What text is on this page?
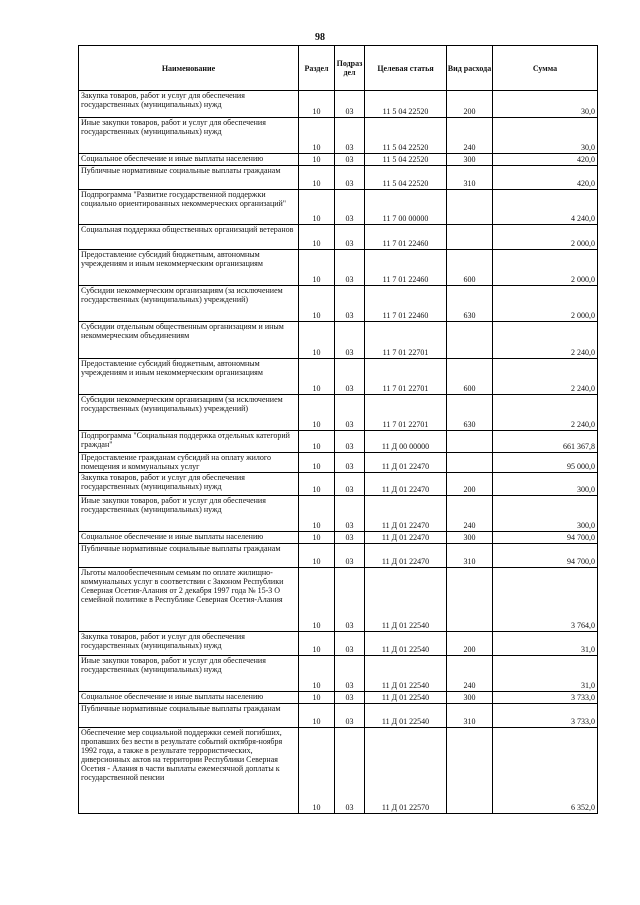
98
Наименование	Раздел	Подраз дел	Целевая статья	Вид расхода	Сумма
Закупка товаров, работ и услуг для обеспечения государственных (муниципальных) нужд	10	03	11 5 04 22520	200	30,0
Иные закупки товаров, работ и услуг для обеспечения государственных (муниципальных) нужд	10	03	11 5 04 22520	240	30,0
Социальное обеспечение и иные выплаты населению	10	03	11 5 04 22520	300	420,0
Публичные нормативные социальные выплаты гражданам	10	03	11 5 04 22520	310	420,0
Подпрограмма "Развитие государственной поддержки социально ориентированных некоммерческих организаций"	10	03	11 7 00 00000		4 240,0
Социальная поддержка общественных организаций ветеранов	10	03	11 7 01 22460		2 000,0
Предоставление субсидий бюджетным, автономным учреждениям и иным некоммерческим организациям	10	03	11 7 01 22460	600	2 000,0
Субсидии некоммерческим организациям (за исключением государственных (муниципальных) учреждений)	10	03	11 7 01 22460	630	2 000,0
Субсидии отдельным общественным организациям и иным некоммерческим объединениям	10	03	11 7 01 22701		2 240,0
Предоставление субсидий бюджетным, автономным учреждениям и иным некоммерческим организациям	10	03	11 7 01 22701	600	2 240,0
Субсидии некоммерческим организациям (за исключением государственных (муниципальных) учреждений)	10	03	11 7 01 22701	630	2 240,0
Подпрограмма "Социальная поддержка отдельных категорий граждан"	10	03	11 Д 00 00000		661 367,8
Предоставление гражданам субсидий на оплату жилого помещения и коммунальных услуг	10	03	11 Д 01 22470		95 000,0
Закупка товаров, работ и услуг для обеспечения государственных (муниципальных) нужд	10	03	11 Д 01 22470	200	300,0
Иные закупки товаров, работ и услуг для обеспечения государственных (муниципальных) нужд	10	03	11 Д 01 22470	240	300,0
Социальное обеспечение и иные выплаты населению	10	03	11 Д 01 22470	300	94 700,0
Публичные нормативные социальные выплаты гражданам	10	03	11 Д 01 22470	310	94 700,0
Льготы малообеспеченным семьям по оплате жилищно-коммунальных услуг в соответствии с Законом Республики Северная Осетия-Алания от 2 декабря 1997 года № 15-З О семейной политике в Республике Северная Осетия-Алания	10	03	11 Д 01 22540		3 764,0
Закупка товаров, работ и услуг для обеспечения государственных (муниципальных) нужд	10	03	11 Д 01 22540	200	31,0
Иные закупки товаров, работ и услуг для обеспечения государственных (муниципальных) нужд	10	03	11 Д 01 22540	240	31,0
Социальное обеспечение и иные выплаты населению	10	03	11 Д 01 22540	300	3 733,0
Публичные нормативные социальные выплаты гражданам	10	03	11 Д 01 22540	310	3 733,0
Обеспечение мер социальной поддержки семей погибших, пропавших без вести в результате событий октября-ноября 1992 года, а также в результате террористических, диверсионных актов на территории Республики Северная Осетия - Алания в части выплаты ежемесячной доплаты к государственной пенсии	10	03	11 Д 01 22570		6 352,0
